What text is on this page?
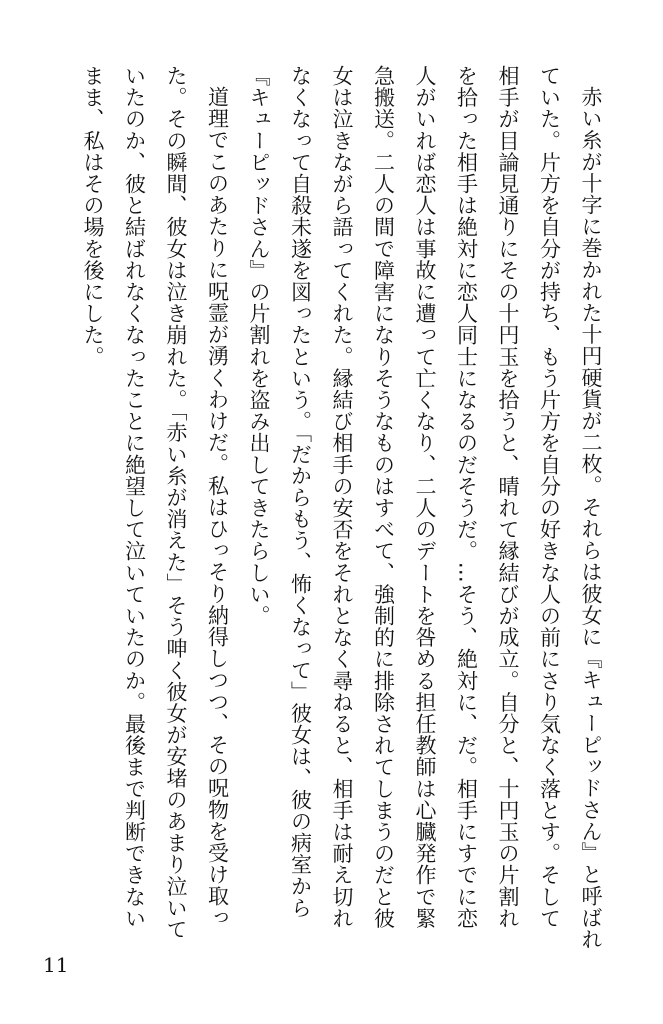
赤い糸が十字に巻かれた十円硬貨が二枚。それらは彼女に『キューピッドさん』と呼ばれていた。片方を自分が持ち、もう片方を自分の好きな人の前にさり気なく落とす。そして相手が目論見通りにその十円玉を拾うと、晴れて縁結びが成立。自分と、十円玉の片割れを拾った相手は絶対に恋人同士になるのだそうだ。…そう、絶対に、だ。相手にすでに恋人がいれば恋人は事故に遭って亡くなり、二人のデートを咎める担任教師は心臓発作で緊急搬送。二人の間で障害になりそうなものはすべて、強制的に排除されてしまうのだと彼女は泣きながら語ってくれた。縁結び相手の安否をそれとなく尋ねると、相手は耐え切れなくなって自殺未遂を図ったという。「だからもう、怖くなって」彼女は、彼の病室から『キューピッドさん』の片割れを盗み出してきたらしい。

道理でこのあたりに呪霊が湧くわけだ。私はひっそり納得しつつ、その呪物を受け取った。その瞬間、彼女は泣き崩れた。「赤い糸が消えた」そう呻く彼女が安堵のあまり泣いていたのか、彼と結ばれなくなったことに絶望して泣いていたのか。最後まで判断できないまま、私はその場を後にした。

11
